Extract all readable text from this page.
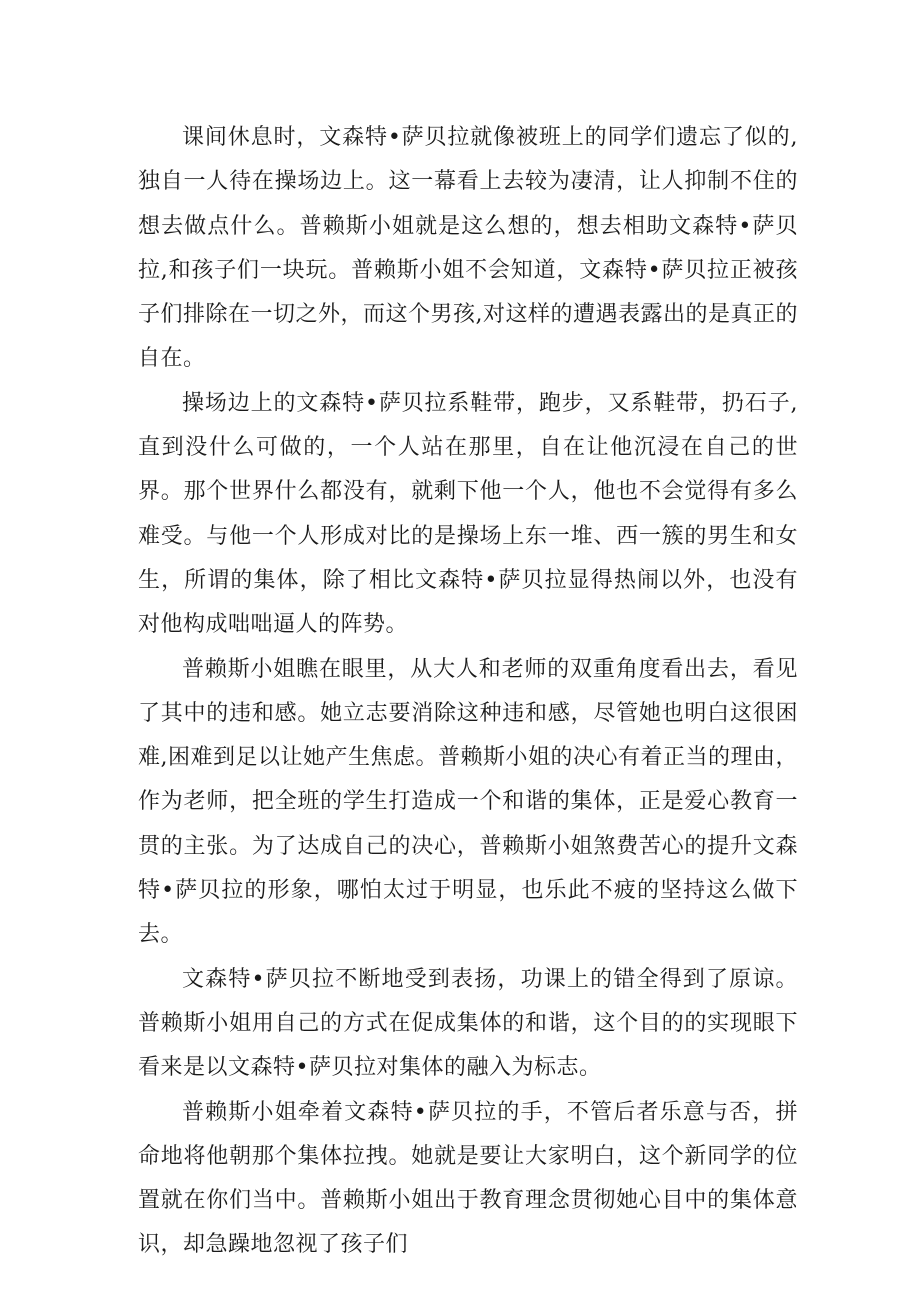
课间休息时，文森特•萨贝拉就像被班上的同学们遗忘了似的,独自一人待在操场边上。这一幕看上去较为凄清，让人抑制不住的想去做点什么。普赖斯小姐就是这么想的，想去相助文森特•萨贝拉,和孩子们一块玩。普赖斯小姐不会知道，文森特•萨贝拉正被孩子们排除在一切之外，而这个男孩,对这样的遭遇表露出的是真正的自在。

操场边上的文森特•萨贝拉系鞋带，跑步，又系鞋带，扔石子,直到没什么可做的，一个人站在那里，自在让他沉浸在自己的世界。那个世界什么都没有，就剩下他一个人，他也不会觉得有多么难受。与他一个人形成对比的是操场上东一堆、西一簇的男生和女生，所谓的集体，除了相比文森特•萨贝拉显得热闹以外，也没有对他构成咄咄逼人的阵势。

普赖斯小姐瞧在眼里，从大人和老师的双重角度看出去，看见了其中的违和感。她立志要消除这种违和感，尽管她也明白这很困难,困难到足以让她产生焦虑。普赖斯小姐的决心有着正当的理由，作为老师，把全班的学生打造成一个和谐的集体，正是爱心教育一贯的主张。为了达成自己的决心，普赖斯小姐煞费苦心的提升文森特•萨贝拉的形象，哪怕太过于明显，也乐此不疲的坚持这么做下去。

文森特•萨贝拉不断地受到表扬，功课上的错全得到了原谅。普赖斯小姐用自己的方式在促成集体的和谐，这个目的的实现眼下看来是以文森特•萨贝拉对集体的融入为标志。

普赖斯小姐牵着文森特•萨贝拉的手，不管后者乐意与否，拼命地将他朝那个集体拉拽。她就是要让大家明白，这个新同学的位置就在你们当中。普赖斯小姐出于教育理念贯彻她心目中的集体意识，却急躁地忽视了孩子们
